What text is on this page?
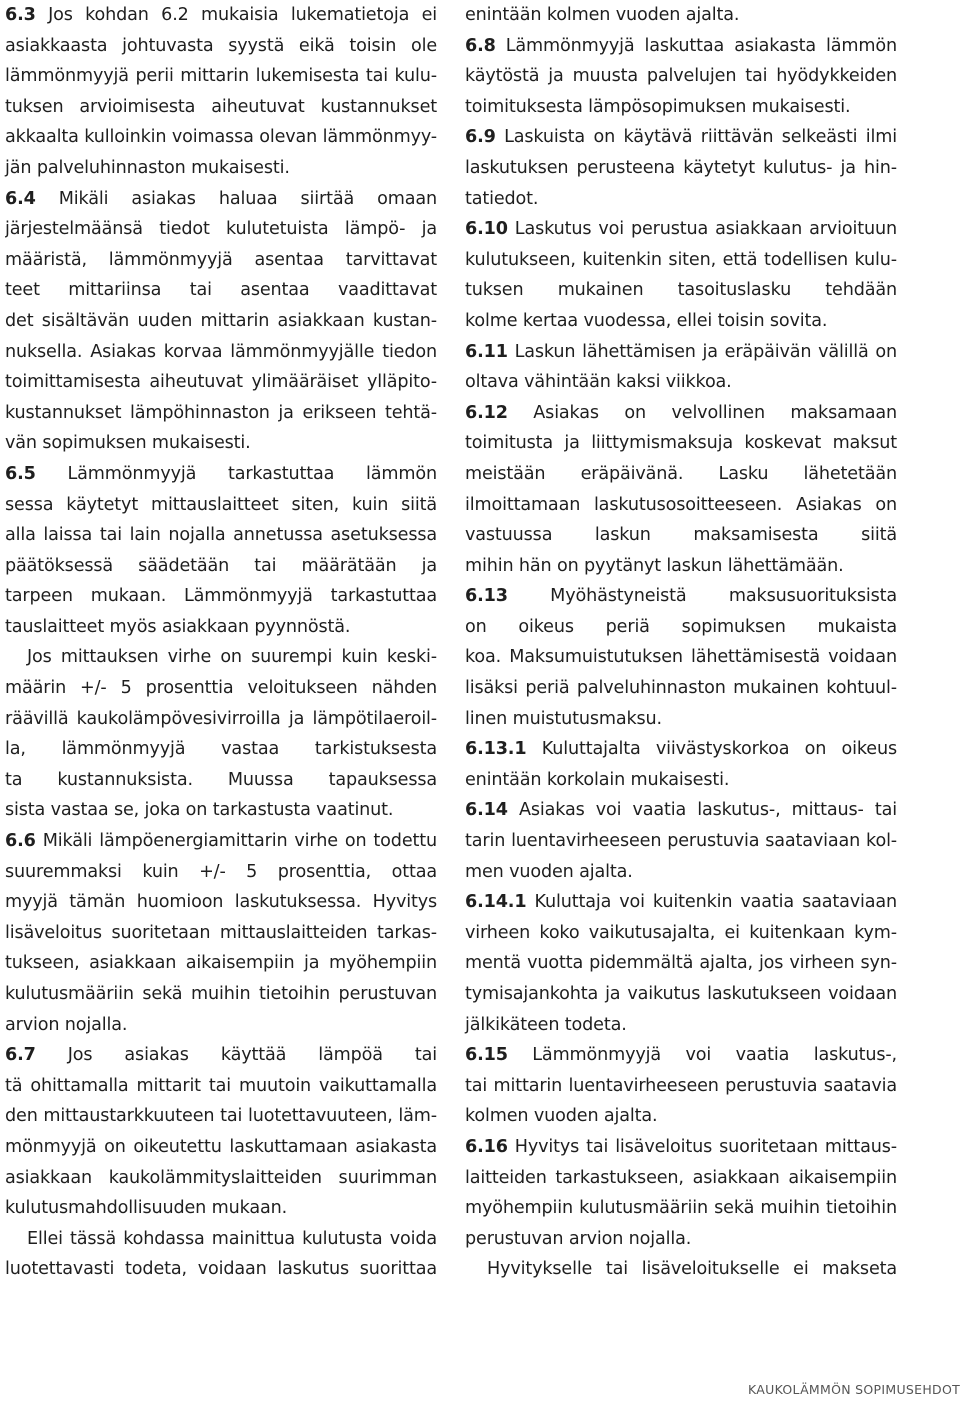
6.3 Jos kohdan 6.2 mukaisia lukematietoja ei
asiakkaasta johtuvasta syystä eikä toisin ole
lämmönmyyjä perii mittarin lukemisesta tai kulu-
tuksen arvioimisesta aiheutuvat kustannukset
akkaalta kulloinkin voimassa olevan lämmönmyy-
jän palveluhinnaston mukaisesti.
6.4 Mikäli asiakas haluaa siirtää omaan
järjestelmäänsä tiedot kulutetuista lämpö- ja
määristä, lämmönmyyjä asentaa tarvittavat
teet mittariinsa tai asentaa vaadittavat
det sisältävän uuden mittarin asiakkaan kustan-
nuksella. Asiakas korvaa lämmönmyyjälle tiedon
toimittamisesta aiheutuvat ylimääräiset ylläpito-
kustannukset lämpöhinnaston ja erikseen tehtä-
vän sopimuksen mukaisesti.
6.5 Lämmönmyyjä tarkastuttaa lämmön
sessa käytetyt mittauslaitteet siten, kuin siitä
alla laissa tai lain nojalla annetussa asetuksessa
päätöksessä säädetään tai määrätään ja
tarpeen mukaan. Lämmönmyyjä tarkastuttaa
tauslaitteet myös asiakkaan pyynnöstä.
Jos mittauksen virhe on suurempi kuin keski-
määrin +/- 5 prosenttia veloitukseen nähden
räävillä kaukolämpövesivirroilla ja lämpötilaeroil-
la, lämmönmyyjä vastaa tarkistuksesta
ta kustannuksista. Muussa tapauksessa
sista vastaa se, joka on tarkastusta vaatinut.
6.6 Mikäli lämpöenergiamittarin virhe on todettu
suuremmaksi kuin +/- 5 prosenttia, ottaa
myyjä tämän huomioon laskutuksessa. Hyvitys
lisäveloitus suoritetaan mittauslaitteiden tarkas-
tukseen, asiakkaan aikaisempiin ja myöhempiin
kulutusmääriin sekä muihin tietoihin perustuvan
arvion nojalla.
6.7 Jos asiakas käyttää lämpöä tai
tä ohittamalla mittarit tai muutoin vaikuttamalla
den mittaustarkkuuteen tai luotettavuuteen, läm-
mönmyyjä on oikeutettu laskuttamaan asiakasta
asiakkaan kaukolämmityslaitteiden suurimman
kulutusmahdollisuuden mukaan.
Ellei tässä kohdassa mainittua kulutusta voida
luotettavasti todeta, voidaan laskutus suorittaa
enintään kolmen vuoden ajalta.
6.8 Lämmönmyyjä laskuttaa asiakasta lämmön
käytöstä ja muusta palvelujen tai hyödykkeiden
toimituksesta lämpösopimuksen mukaisesti.
6.9 Laskuista on käytävä riittävän selkeästi ilmi
laskutuksen perusteena käytetyt kulutus- ja hin-
tatiedot.
6.10 Laskutus voi perustua asiakkaan arvioituun
kulutukseen, kuitenkin siten, että todellisen kulu-
tuksen mukainen tasoituslasku tehdään
kolme kertaa vuodessa, ellei toisin sovita.
6.11 Laskun lähettämisen ja eräpäivän välillä on
oltava vähintään kaksi viikkoa.
6.12 Asiakas on velvollinen maksamaan
toimitusta ja liittymismaksuja koskevat maksut
meistään eräpäivänä. Lasku lähetetään
ilmoittamaan laskutusosoitteeseen. Asiakas on
vastuussa laskun maksamisesta siitä
mihin hän on pyytänyt laskun lähettämään.
6.13 Myöhästyneistä maksusuorituksista
on oikeus periä sopimuksen mukaista
koa. Maksumuistutuksen lähettämisestä voidaan
lisäksi periä palveluhinnaston mukainen kohtuul-
linen muistutusmaksu.
6.13.1 Kuluttajalta viivästyskorkoa on oikeus
enintään korkolain mukaisesti.
6.14 Asiakas voi vaatia laskutus-, mittaus- tai
tarin luentavirheeseen perustuvia saataviaan kol-
men vuoden ajalta.
6.14.1 Kuluttaja voi kuitenkin vaatia saataviaan
virheen koko vaikutusajalta, ei kuitenkaan kym-
mentä vuotta pidemmältä ajalta, jos virheen syn-
tymisajankohta ja vaikutus laskutukseen voidaan
jälkikäteen todeta.
6.15 Lämmönmyyjä voi vaatia laskutus-,
tai mittarin luentavirheeseen perustuvia saatavia
kolmen vuoden ajalta.
6.16 Hyvitys tai lisäveloitus suoritetaan mittaus-
laitteiden tarkastukseen, asiakkaan aikaisempiin
myöhempiin kulutusmääriin sekä muihin tietoihin
perustuvan arvion nojalla.
Hyvitykselle tai lisäveloitukselle ei makseta
KAUKOLÄMMÖN SOPIMUSEHDOT
